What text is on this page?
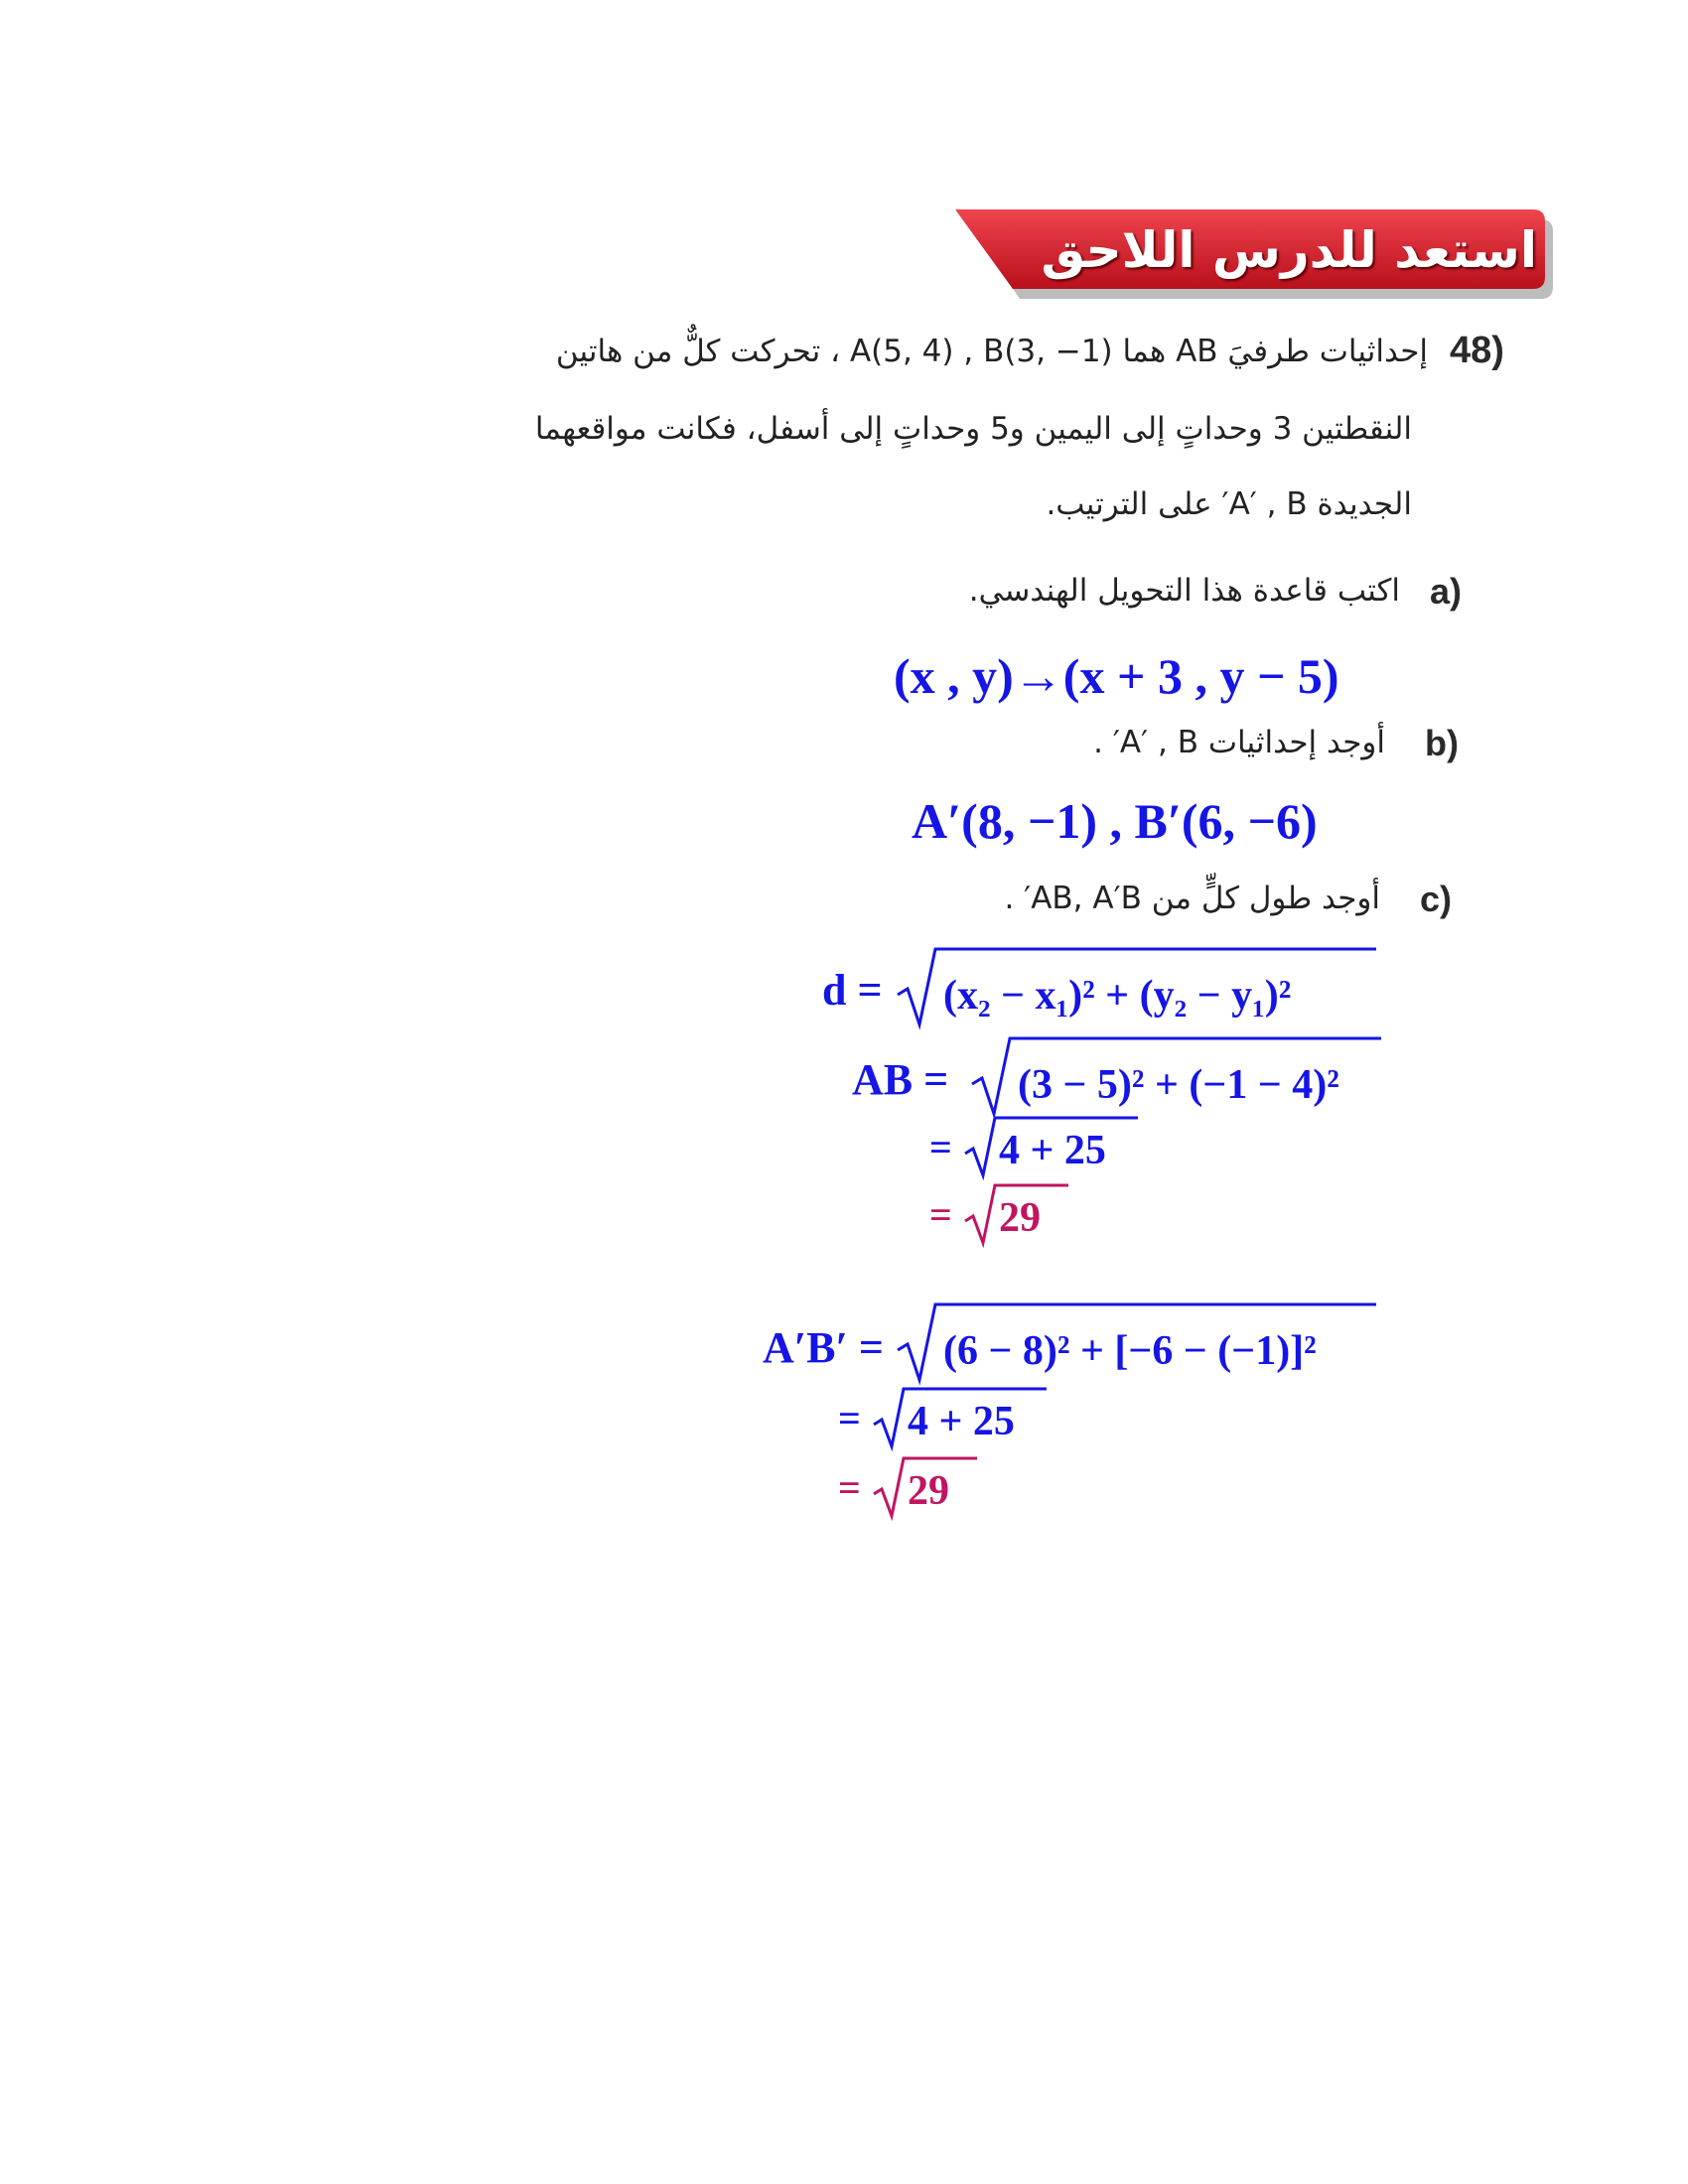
استعد للدرس اللاحق
48)
إحداثيات طرفيَ AB هما A(5, 4) , B(3, −1) ، تحركت كلٌّ من هاتين
النقطتين 3 وحداتٍ إلى اليمين و5 وحداتٍ إلى أسفل، فكانت مواقعهما
الجديدة A′ , B′ على الترتيب.
a)
اكتب قاعدة هذا التحويل الهندسي.
(x , y)→(x + 3 , y − 5)
b)
أوجد إحداثيات A′ , B′ .
A′(8, −1) , B′(6, −6)
c)
أوجد طول كلٍّ من AB, A′B′ .
d = (x₂ − x₁)² + (y₂ − y₁)²
AB = (3 − 5)² + (−1 − 4)²
= 4 + 25
= 29
A′B′ = (6 − 8)² + [−6 − (−1)]²
= 4 + 25
= 29
